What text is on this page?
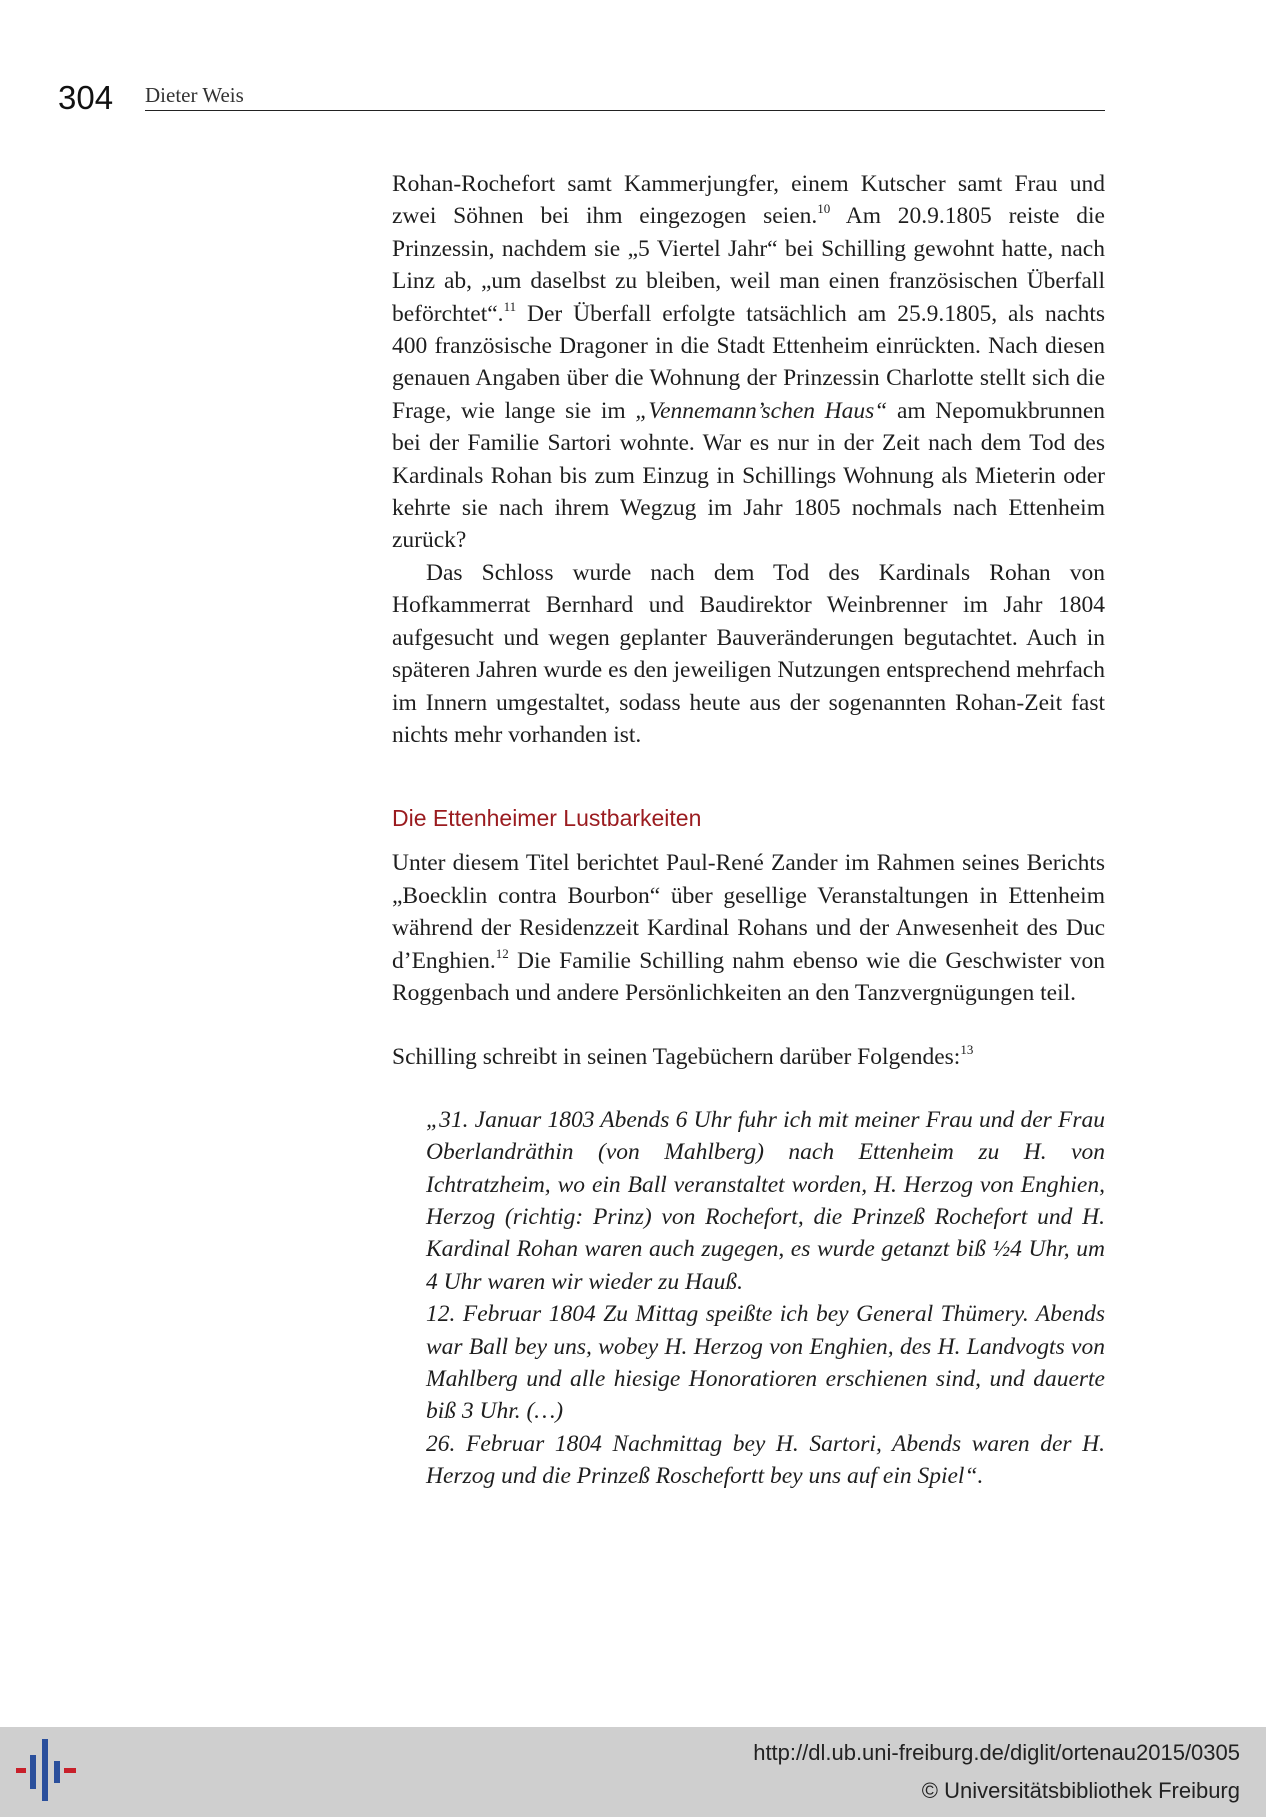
304 Dieter Weis

Rohan-Rochefort samt Kammerjungfer, einem Kutscher samt Frau und zwei Söhnen bei ihm eingezogen seien.$^{10}$ Am 20.9.1805 reiste die Prinzessin, nachdem sie „5 Viertel Jahr“ bei Schilling gewohnt hatte, nach Linz ab, „um daselbst zu bleiben, weil man einen französischen Überfall beförchtet“.$^{11}$ Der Überfall erfolgte tatsächlich am 25.9.1805, als nachts 400 französische Dragoner in die Stadt Ettenheim einrückten. Nach diesen genauen Angaben über die Wohnung der Prinzessin Charlotte stellt sich die Frage, wie lange sie im „Vennemann’schen Haus“ am Nepomukbrunnen bei der Familie Sartori wohnte. War es nur in der Zeit nach dem Tod des Kardinals Rohan bis zum Einzug in Schillings Wohnung als Mieterin oder kehrte sie nach ihrem Wegzug im Jahr 1805 nochmals nach Ettenheim zurück?

Das Schloss wurde nach dem Tod des Kardinals Rohan von Hofkammerrat Bernhard und Baudirektor Weinbrenner im Jahr 1804 aufgesucht und wegen geplanter Bauveränderungen begutachtet. Auch in späteren Jahren wurde es den jeweiligen Nutzungen entsprechend mehrfach im Innern umgestaltet, sodass heute aus der sogenannten Rohan-Zeit fast nichts mehr vorhanden ist.

Die Ettenheimer Lustbarkeiten

Unter diesem Titel berichtet Paul-René Zander im Rahmen seines Berichts „Boecklin contra Bourbon“ über gesellige Veranstaltungen in Ettenheim während der Residenzzeit Kardinal Rohans und der Anwesenheit des Duc d’Enghien.$^{12}$ Die Familie Schilling nahm ebenso wie die Geschwister von Roggenbach und andere Persönlichkeiten an den Tanzvergnügungen teil.

Schilling schreibt in seinen Tagebüchern darüber Folgendes:$^{13}$

„31. Januar 1803 Abends 6 Uhr fuhr ich mit meiner Frau und der Frau Oberlandräthin (von Mahlberg) nach Ettenheim zu H. von Ichtratzheim, wo ein Ball veranstaltet worden, H. Herzog von Enghien, Herzog (richtig: Prinz) von Rochefort, die Prinzeß Rochefort und H. Kardinal Rohan waren auch zugegen, es wurde getanzt biß ½4 Uhr, um 4 Uhr waren wir wieder zu Hauß.

12. Februar 1804 Zu Mittag speißte ich bey General Thümery. Abends war Ball bey uns, wobey H. Herzog von Enghien, des H. Landvogts von Mahlberg und alle hiesige Honoratioren erschienen sind, und dauerte biß 3 Uhr. (…)

26. Februar 1804 Nachmittag bey H. Sartori, Abends waren der H. Herzog und die Prinzeß Roschefortt bey uns auf ein Spiel“.

http://dl.ub.uni-freiburg.de/diglit/ortenau2015/0305
© Universitätsbibliothek Freiburg
